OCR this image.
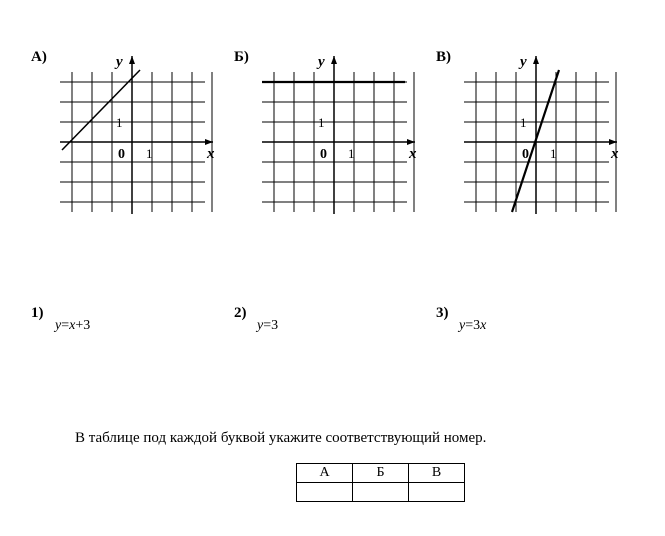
А)	Б)	В)
y
x
0 1
1
y
x
0 1
1
y
x
0 1
1
1)
y=x+3
2)
y=3
3)
y=3x
В таблице под каждой буквой укажите соответствующий номер.
А	Б	В
